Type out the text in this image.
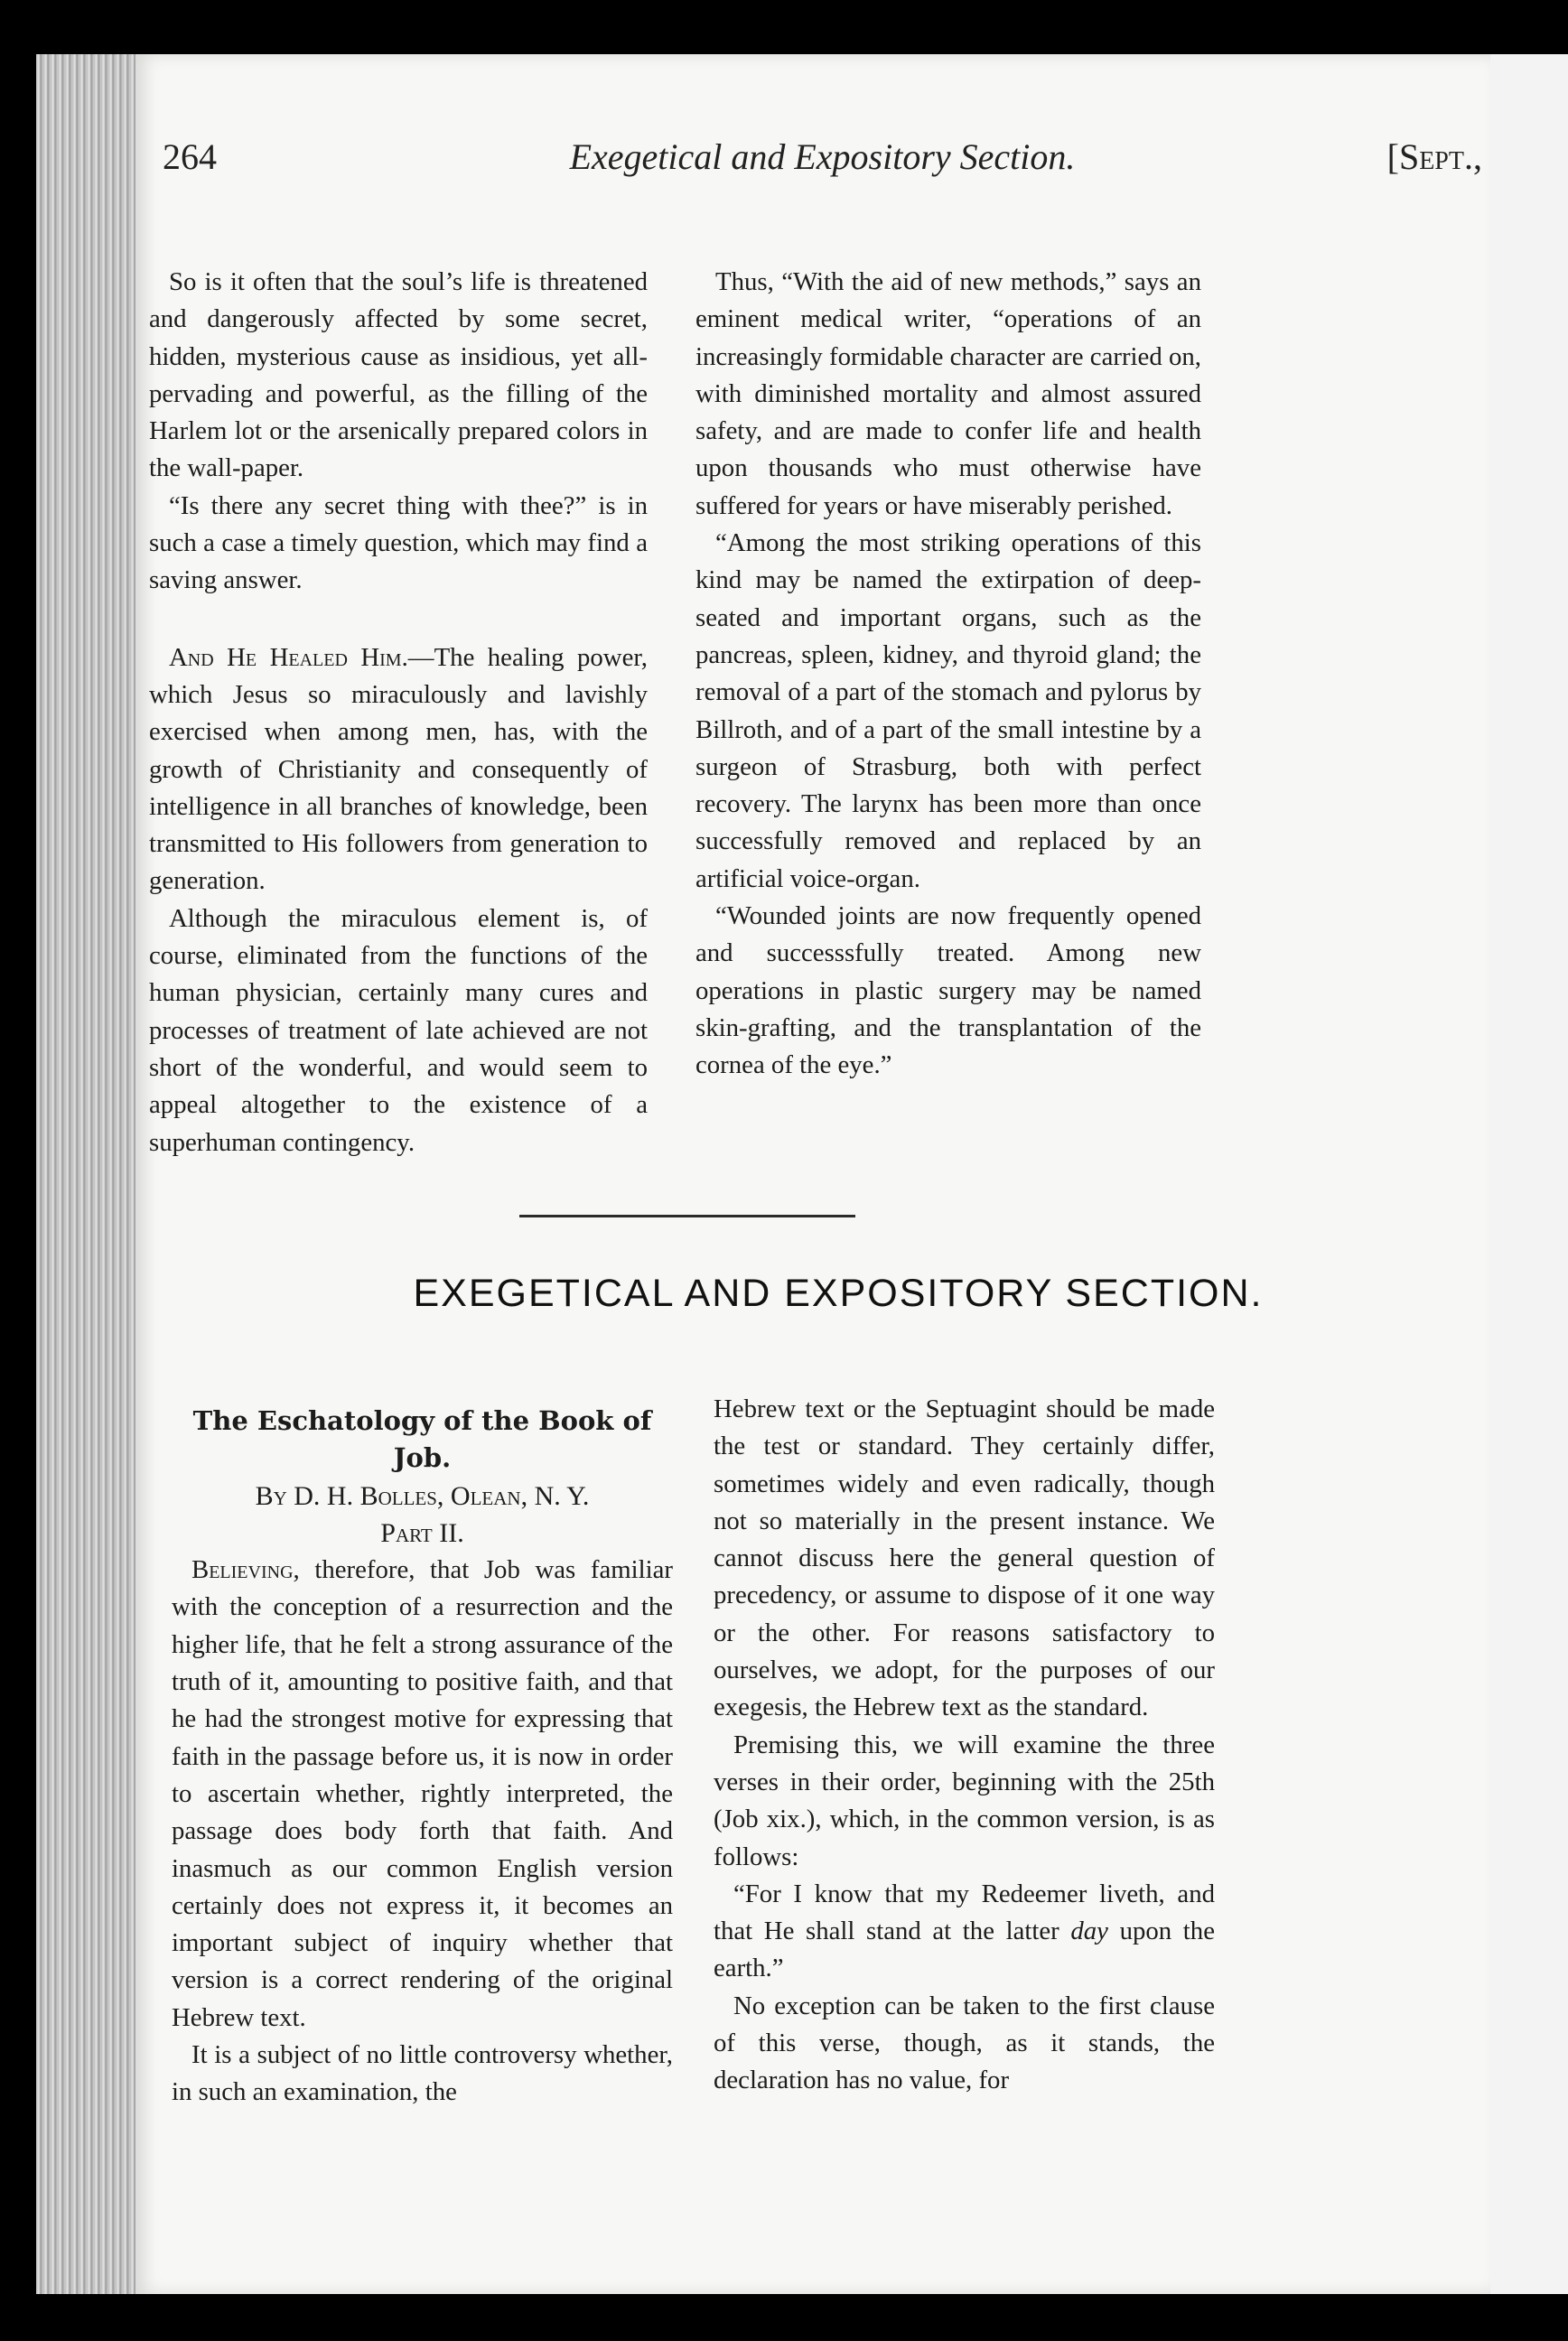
264	Exegetical and Expository Section.	[Sept.,

So is it often that the soul’s life is threatened and dangerously affected by some secret, hidden, mysterious cause as insidious, yet all-pervading and powerful, as the filling of the Harlem lot or the arsenically prepared colors in the wall-paper.

“Is there any secret thing with thee?” is in such a case a timely question, which may find a saving answer.

And He Healed Him.—The healing power, which Jesus so miraculously and lavishly exercised when among men, has, with the growth of Christianity and consequently of intelligence in all branches of knowledge, been transmitted to His followers from generation to generation.

Although the miraculous element is, of course, eliminated from the functions of the human physician, certainly many cures and processes of treatment of late achieved are not short of the wonderful, and would seem to appeal altogether to the existence of a superhuman contingency.

Thus, “With the aid of new methods,” says an eminent medical writer, “operations of an increasingly formidable character are carried on, with diminished mortality and almost assured safety, and are made to confer life and health upon thousands who must otherwise have suffered for years or have miserably perished.

“Among the most striking operations of this kind may be named the extirpation of deep-seated and important organs, such as the pancreas, spleen, kidney, and thyroid gland; the removal of a part of the stomach and pylorus by Billroth, and of a part of the small intestine by a surgeon of Strasburg, both with perfect recovery. The larynx has been more than once successfully removed and replaced by an artificial voice-organ.

“Wounded joints are now frequently opened and successsfully treated. Among new operations in plastic surgery may be named skin-grafting, and the transplantation of the cornea of the eye.”

EXEGETICAL AND EXPOSITORY SECTION.

The Eschatology of the Book of Job.

By D. H. Bolles, Olean, N. Y.

Part II.

Believing, therefore, that Job was familiar with the conception of a resurrection and the higher life, that he felt a strong assurance of the truth of it, amounting to positive faith, and that he had the strongest motive for expressing that faith in the passage before us, it is now in order to ascertain whether, rightly interpreted, the passage does body forth that faith. And inasmuch as our common English version certainly does not express it, it becomes an important subject of inquiry whether that version is a correct rendering of the original Hebrew text.

It is a subject of no little controversy whether, in such an examination, the

Hebrew text or the Septuagint should be made the test or standard. They certainly differ, sometimes widely and even radically, though not so materially in the present instance. We cannot discuss here the general question of precedency, or assume to dispose of it one way or the other. For reasons satisfactory to ourselves, we adopt, for the purposes of our exegesis, the Hebrew text as the standard.

Premising this, we will examine the three verses in their order, beginning with the 25th (Job xix.), which, in the common version, is as follows:

“For I know that my Redeemer liveth, and that He shall stand at the latter day upon the earth.”

No exception can be taken to the first clause of this verse, though, as it stands, the declaration has no value, for
